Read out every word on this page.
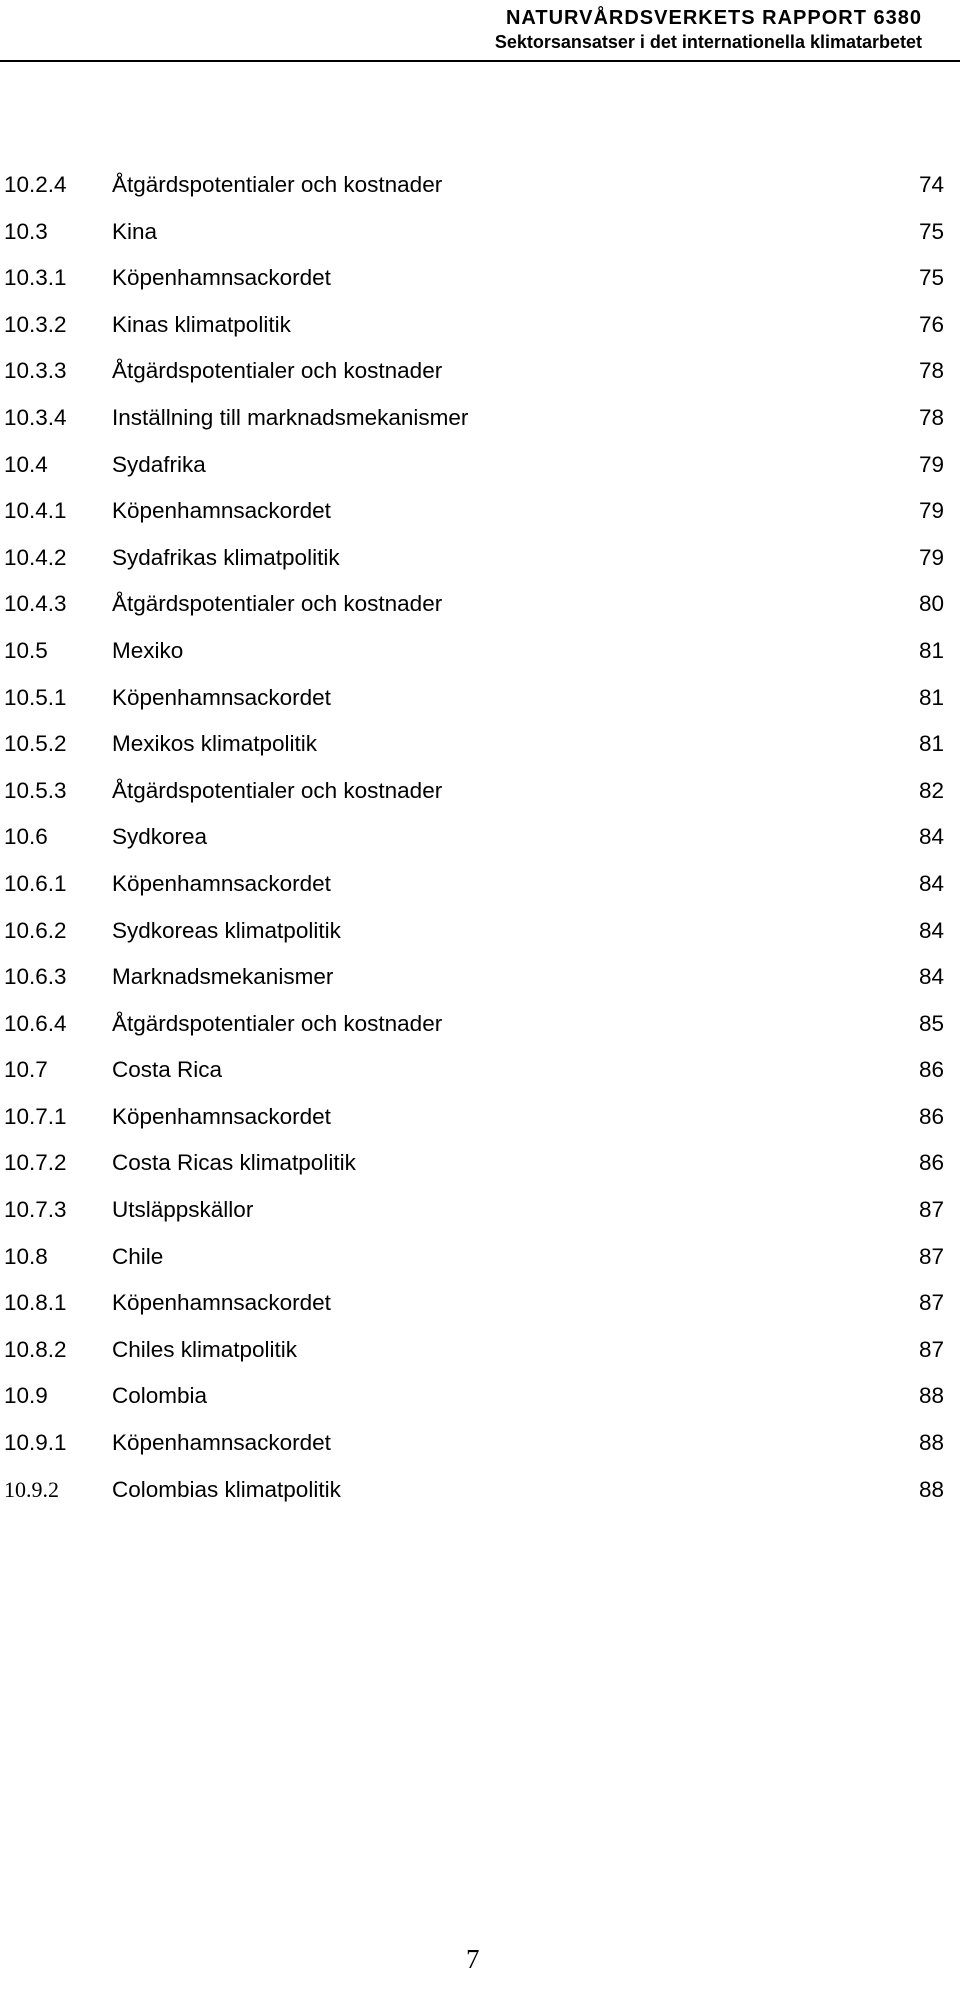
NATURVÅRDSVERKETS RAPPORT 6380
Sektorsansatser i det internationella klimatarbetet
10.2.4 Åtgärdspotentialer och kostnader	74
10.3	Kina	75
10.3.1 Köpenhamnsackordet	75
10.3.2 Kinas klimatpolitik	76
10.3.3 Åtgärdspotentialer och kostnader	78
10.3.4 Inställning till marknadsmekanismer	78
10.4	Sydafrika	79
10.4.1 Köpenhamnsackordet	79
10.4.2 Sydafrikas klimatpolitik	79
10.4.3 Åtgärdspotentialer och kostnader	80
10.5	Mexiko	81
10.5.1 Köpenhamnsackordet	81
10.5.2 Mexikos klimatpolitik	81
10.5.3 Åtgärdspotentialer och kostnader	82
10.6	Sydkorea	84
10.6.1 Köpenhamnsackordet	84
10.6.2 Sydkoreas klimatpolitik	84
10.6.3 Marknadsmekanismer	84
10.6.4 Åtgärdspotentialer och kostnader	85
10.7	Costa Rica	86
10.7.1 Köpenhamnsackordet	86
10.7.2 Costa Ricas klimatpolitik	86
10.7.3 Utsläppskällor	87
10.8	Chile	87
10.8.1 Köpenhamnsackordet	87
10.8.2 Chiles klimatpolitik	87
10.9	Colombia	88
10.9.1 Köpenhamnsackordet	88
10.9.2 Colombias klimatpolitik	88
7
